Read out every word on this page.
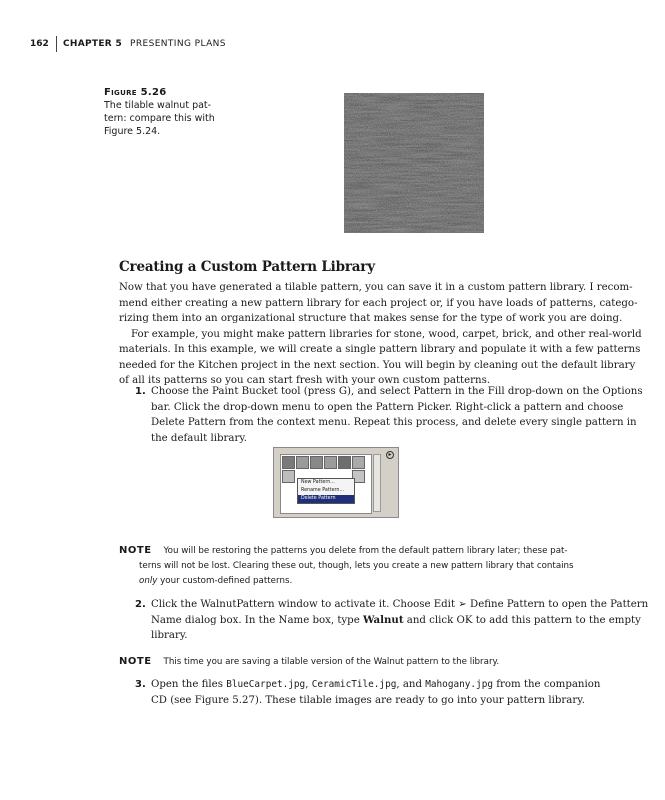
162	CHAPTER 5 PRESENTING PLANS
Figure 5.26
The tilable walnut pat-
tern: compare this with
Figure 5.24.
Creating a Custom Pattern Library
Now that you have generated a tilable pattern, you can save it in a custom pattern library. I recom-
mend either creating a new pattern library for each project or, if you have loads of patterns, catego-
rizing them into an organizational structure that makes sense for the type of work you are doing.
For example, you might make pattern libraries for stone, wood, carpet, brick, and other real-world
materials. In this example, we will create a single pattern library and populate it with a few patterns
needed for the Kitchen project in the next section. You will begin by cleaning out the default library
of all its patterns so you can start fresh with your own custom patterns.
1. Choose the Paint Bucket tool (press G), and select Pattern in the Fill drop-down on the Options
bar. Click the drop-down menu to open the Pattern Picker. Right-click a pattern and choose
Delete Pattern from the context menu. Repeat this process, and delete every single pattern in
the default library.
New Pattern...
Rename Pattern...
Delete Pattern
▸
NOTE You will be restoring the patterns you delete from the default pattern library later; these pat-
terns will not be lost. Clearing these out, though, lets you create a new pattern library that contains
only your custom-defined patterns.
2. Click the WalnutPattern window to activate it. Choose Edit ➢ Define Pattern to open the Pattern
Name dialog box. In the Name box, type Walnut and click OK to add this pattern to the empty
library.
NOTE This time you are saving a tilable version of the Walnut pattern to the library.
3. Open the files BlueCarpet.jpg, CeramicTile.jpg, and Mahogany.jpg from the companion
CD (see Figure 5.27). These tilable images are ready to go into your pattern library.
